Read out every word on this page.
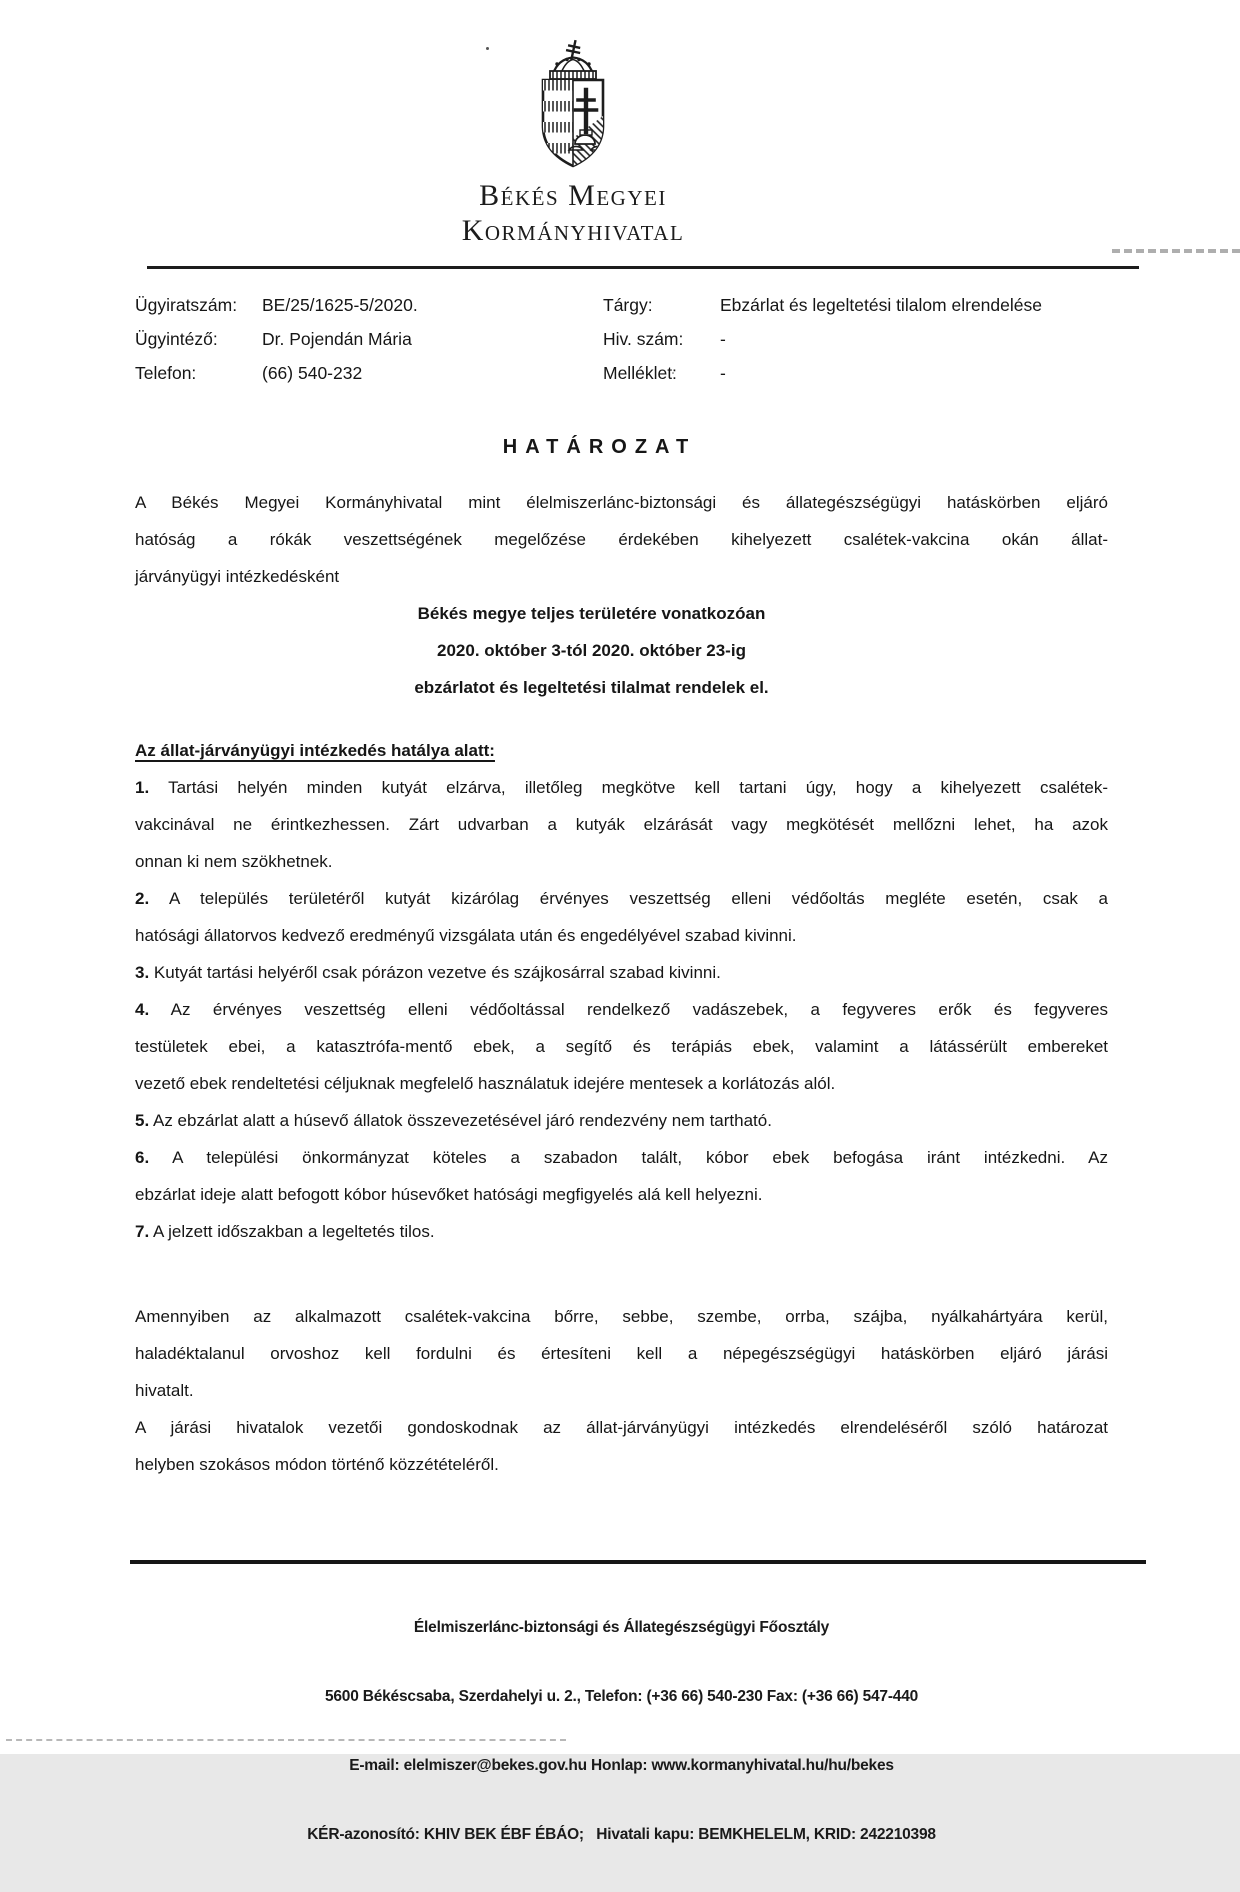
Békés Megyei
Kormányhivatal
Ügyiratszám: BE/25/1625-5/2020.
Ügyintéző:	Dr. Pojendán Mária
Telefon:	(66) 540-232
Tárgy:	Ebzárlat és legeltetési tilalom elrendelése
Hiv. szám: -
Melléklet: -
HATÁROZAT
A Békés Megyei Kormányhivatal mint élelmiszerlánc-biztonsági és állategészségügyi hatáskörben eljáró
hatóság a rókák veszettségének megelőzése érdekében kihelyezett csalétek-vakcina okán állat-
járványügyi intézkedésként
Békés megye teljes területére vonatkozóan
2020. október 3-tól 2020. október 23-ig
ebzárlatot és legeltetési tilalmat rendelek el.
Az állat-járványügyi intézkedés hatálya alatt:
1. Tartási helyén minden kutyát elzárva, illetőleg megkötve kell tartani úgy, hogy a kihelyezett csalétek-
vakcinával ne érintkezhessen. Zárt udvarban a kutyák elzárását vagy megkötését mellőzni lehet, ha azok
onnan ki nem szökhetnek.
2. A település területéről kutyát kizárólag érvényes veszettség elleni védőoltás megléte esetén, csak a
hatósági állatorvos kedvező eredményű vizsgálata után és engedélyével szabad kivinni.
3. Kutyát tartási helyéről csak pórázon vezetve és szájkosárral szabad kivinni.
4. Az érvényes veszettség elleni védőoltással rendelkező vadászebek, a fegyveres erők és fegyveres
testületek ebei, a katasztrófa-mentő ebek, a segítő és terápiás ebek, valamint a látássérült embereket
vezető ebek rendeltetési céljuknak megfelelő használatuk idejére mentesek a korlátozás alól.
5. Az ebzárlat alatt a húsevő állatok összevezetésével járó rendezvény nem tartható.
6. A települési önkormányzat köteles a szabadon talált, kóbor ebek befogása iránt intézkedni. Az
ebzárlat ideje alatt befogott kóbor húsevőket hatósági megfigyelés alá kell helyezni.
7. A jelzett időszakban a legeltetés tilos.
Amennyiben az alkalmazott csalétek-vakcina bőrre, sebbe, szembe, orrba, szájba, nyálkahártyára kerül,
haladéktalanul orvoshoz kell fordulni és értesíteni kell a népegészségügyi hatáskörben eljáró járási
hivatalt.
A járási hivatalok vezetői gondoskodnak az állat-járványügyi intézkedés elrendeléséről szóló határozat
helyben szokásos módon történő közzétételéről.

Élelmiszerlánc-biztonsági és Állategészségügyi Főosztály

5600 Békéscsaba, Szerdahelyi u. 2., Telefon: (+36 66) 540-230 Fax: (+36 66) 547-440

E-mail: elelmiszer@bekes.gov.hu Honlap: www.kormanyhivatal.hu/hu/bekes

KÉR-azonosító: KHIV BEK ÉBF ÉBÁO;   Hivatali kapu: BEMKHELELM, KRID: 242210398
